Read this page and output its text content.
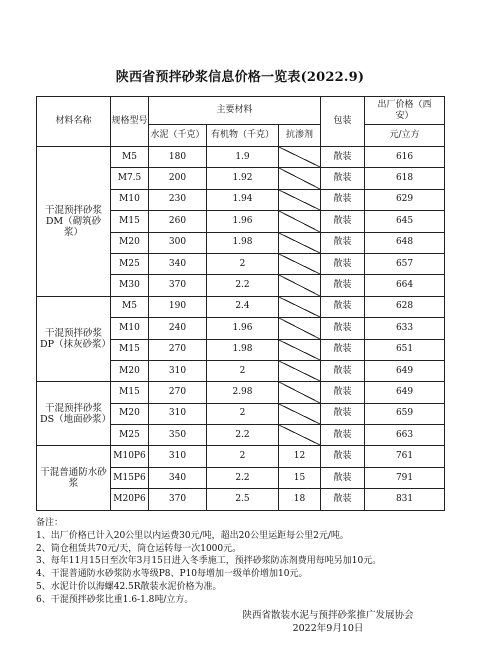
陕西省预拌砂浆信息价格一览表(2022.9)
材料名称	规格型号	主要材料			包装	出厂价格（西安）
		水泥（千克）	有机物（千克）	抗渗剂		元/立方
干混预拌砂浆DM（砌筑砂浆）	M5	180	1.9		散装	616
	M7.5	200	1.92		散装	618
	M10	230	1.94		散装	629
	M15	260	1.96		散装	645
	M20	300	1.98		散装	648
	M25	340	2		散装	657
	M30	370	2.2		散装	664
干混预拌砂浆DP（抹灰砂浆）	M5	190	2.4		散装	628
	M10	240	1.96		散装	633
	M15	270	1.98		散装	651
	M20	310	2		散装	649
干混预拌砂浆DS（地面砂浆）	M15	270	2.98		散装	649
	M20	310	2		散装	659
	M25	350	2.2		散装	663
干混普通防水砂浆	M10P6	310	2	12	散装	761
	M15P6	340	2.2	15	散装	791
	M20P6	370	2.5	18	散装	831
备注：
1、出厂价格已计入20公里以内运费30元/吨，超出20公里运距每公里2元/吨。
2、筒仓租赁共70元/天，筒仓运转每一次1000元。
3、每年11月15日至次年3月15日进入冬季施工，预拌砂浆防冻剂费用每吨另加10元。
4、干混普通防水砂浆防水等级P8、P10每增加一级单价增加10元。
5、水泥计价以海螺42.5R散装水泥价格为准。
6、干混预拌砂浆比重1.6-1.8吨/立方。
陕西省散装水泥与预拌砂浆推广发展协会
2022年9月10日
